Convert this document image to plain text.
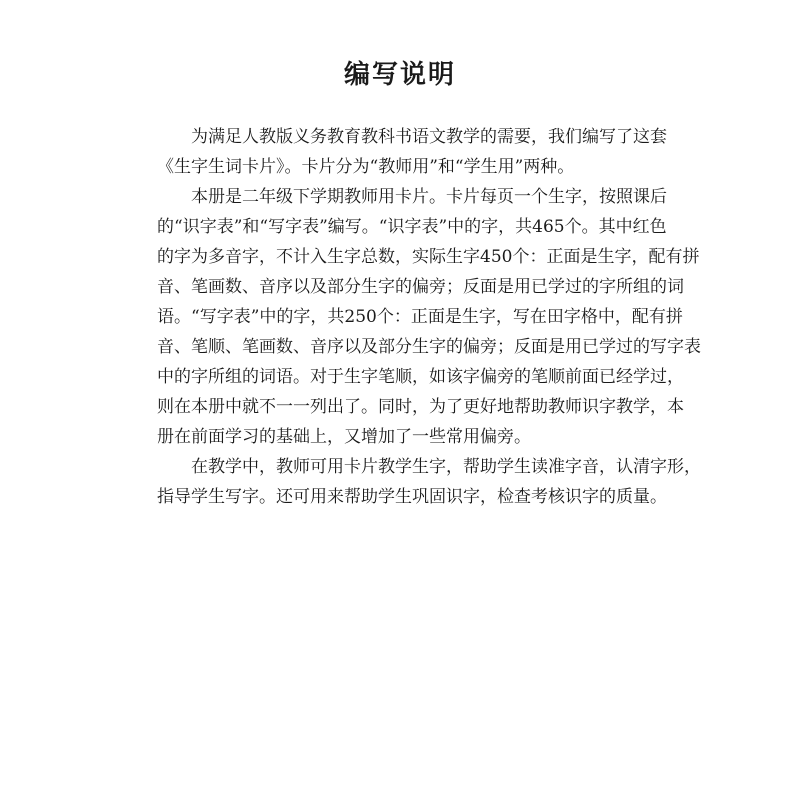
编写说明

为满足人教版义务教育教科书语文教学的需要，我们编写了这套
《生字生词卡片》。卡片分为“教师用”和“学生用”两种。

本册是二年级下学期教师用卡片。卡片每页一个生字，按照课后
的“识字表”和“写字表”编写。“识字表”中的字，共465个。其中红色
的字为多音字，不计入生字总数，实际生字450个：正面是生字，配有拼
音、笔画数、音序以及部分生字的偏旁；反面是用已学过的字所组的词
语。“写字表”中的字，共250个：正面是生字，写在田字格中，配有拼
音、笔顺、笔画数、音序以及部分生字的偏旁；反面是用已学过的写字表
中的字所组的词语。对于生字笔顺，如该字偏旁的笔顺前面已经学过，
则在本册中就不一一列出了。同时，为了更好地帮助教师识字教学，本
册在前面学习的基础上，又增加了一些常用偏旁。

在教学中，教师可用卡片教学生字，帮助学生读准字音，认清字形，
指导学生写字。还可用来帮助学生巩固识字，检查考核识字的质量。
